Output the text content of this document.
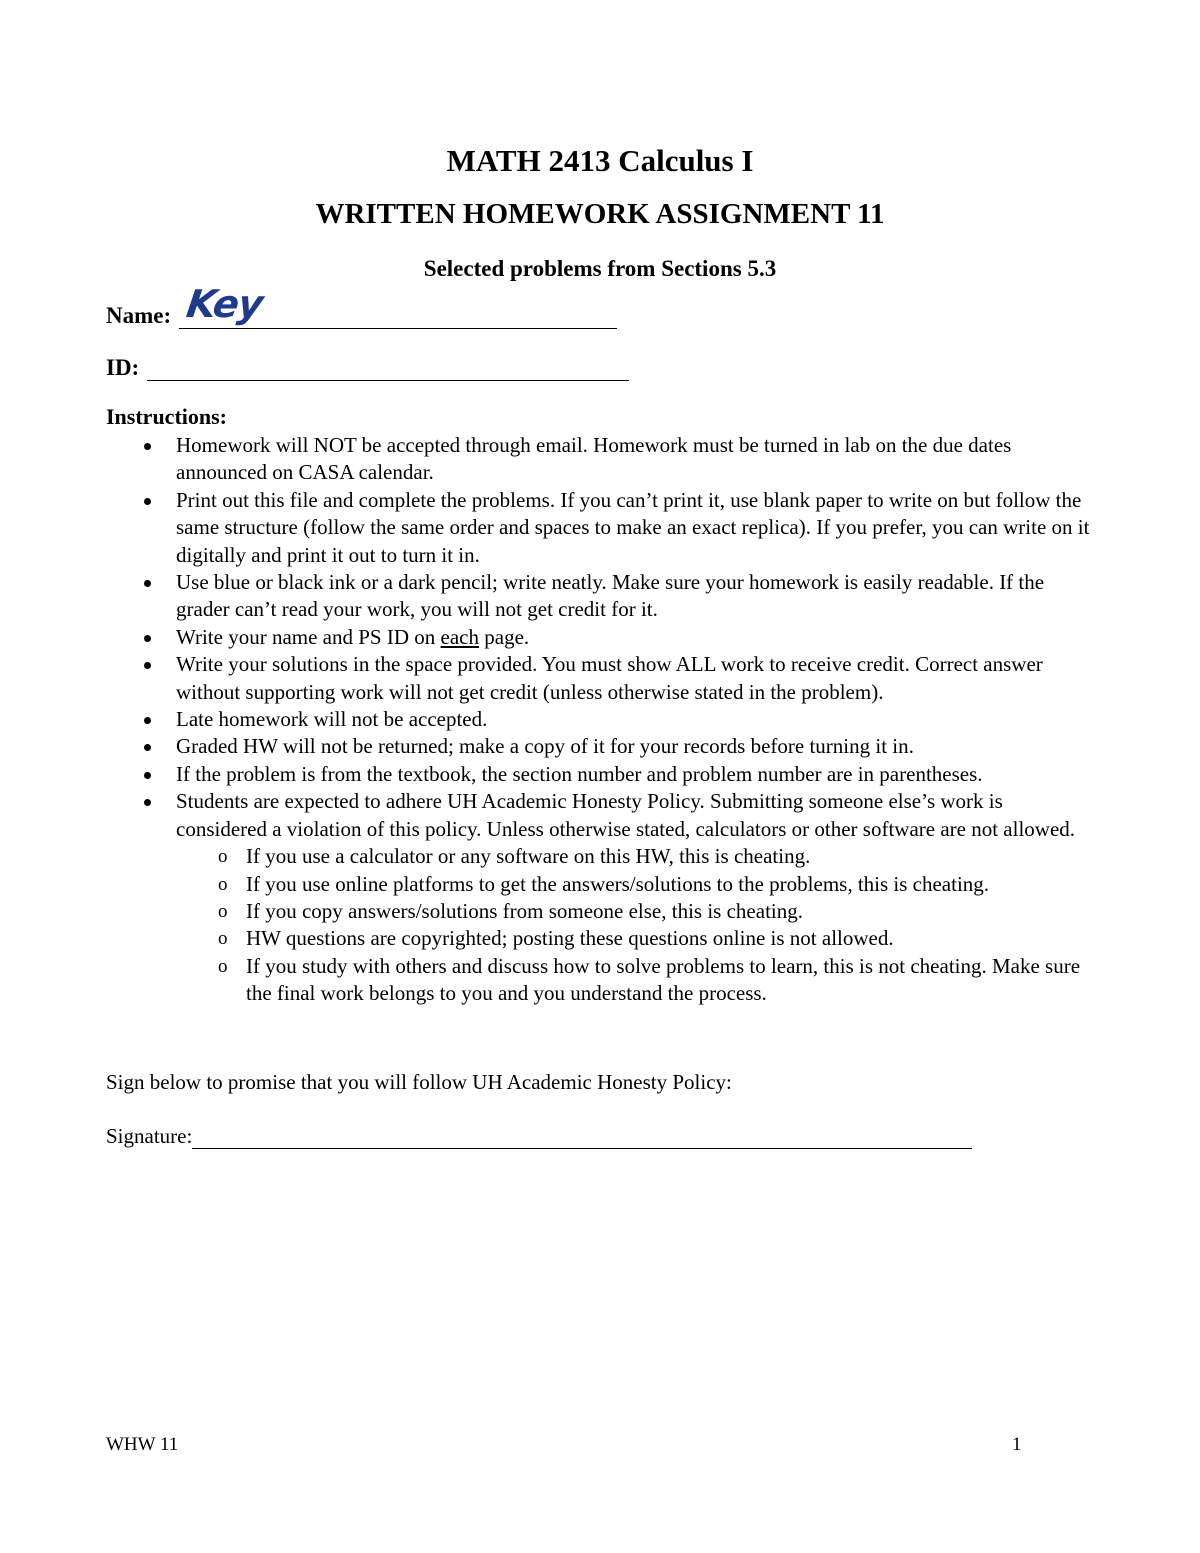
MATH 2413 Calculus I
WRITTEN HOMEWORK ASSIGNMENT 11
Selected problems from Sections 5.3
Name: Key
ID:
Instructions:
Homework will NOT be accepted through email. Homework must be turned in lab on the due dates announced on CASA calendar.
Print out this file and complete the problems. If you can’t print it, use blank paper to write on but follow the same structure (follow the same order and spaces to make an exact replica). If you prefer, you can write on it digitally and print it out to turn it in.
Use blue or black ink or a dark pencil; write neatly. Make sure your homework is easily readable. If the grader can’t read your work, you will not get credit for it.
Write your name and PS ID on each page.
Write your solutions in the space provided. You must show ALL work to receive credit. Correct answer without supporting work will not get credit (unless otherwise stated in the problem).
Late homework will not be accepted.
Graded HW will not be returned; make a copy of it for your records before turning it in.
If the problem is from the textbook, the section number and problem number are in parentheses.
Students are expected to adhere UH Academic Honesty Policy. Submitting someone else’s work is considered a violation of this policy. Unless otherwise stated, calculators or other software are not allowed.
o If you use a calculator or any software on this HW, this is cheating.
o If you use online platforms to get the answers/solutions to the problems, this is cheating.
o If you copy answers/solutions from someone else, this is cheating.
o HW questions are copyrighted; posting these questions online is not allowed.
o If you study with others and discuss how to solve problems to learn, this is not cheating. Make sure the final work belongs to you and you understand the process.
Sign below to promise that you will follow UH Academic Honesty Policy:
Signature:
WHW 11	1
